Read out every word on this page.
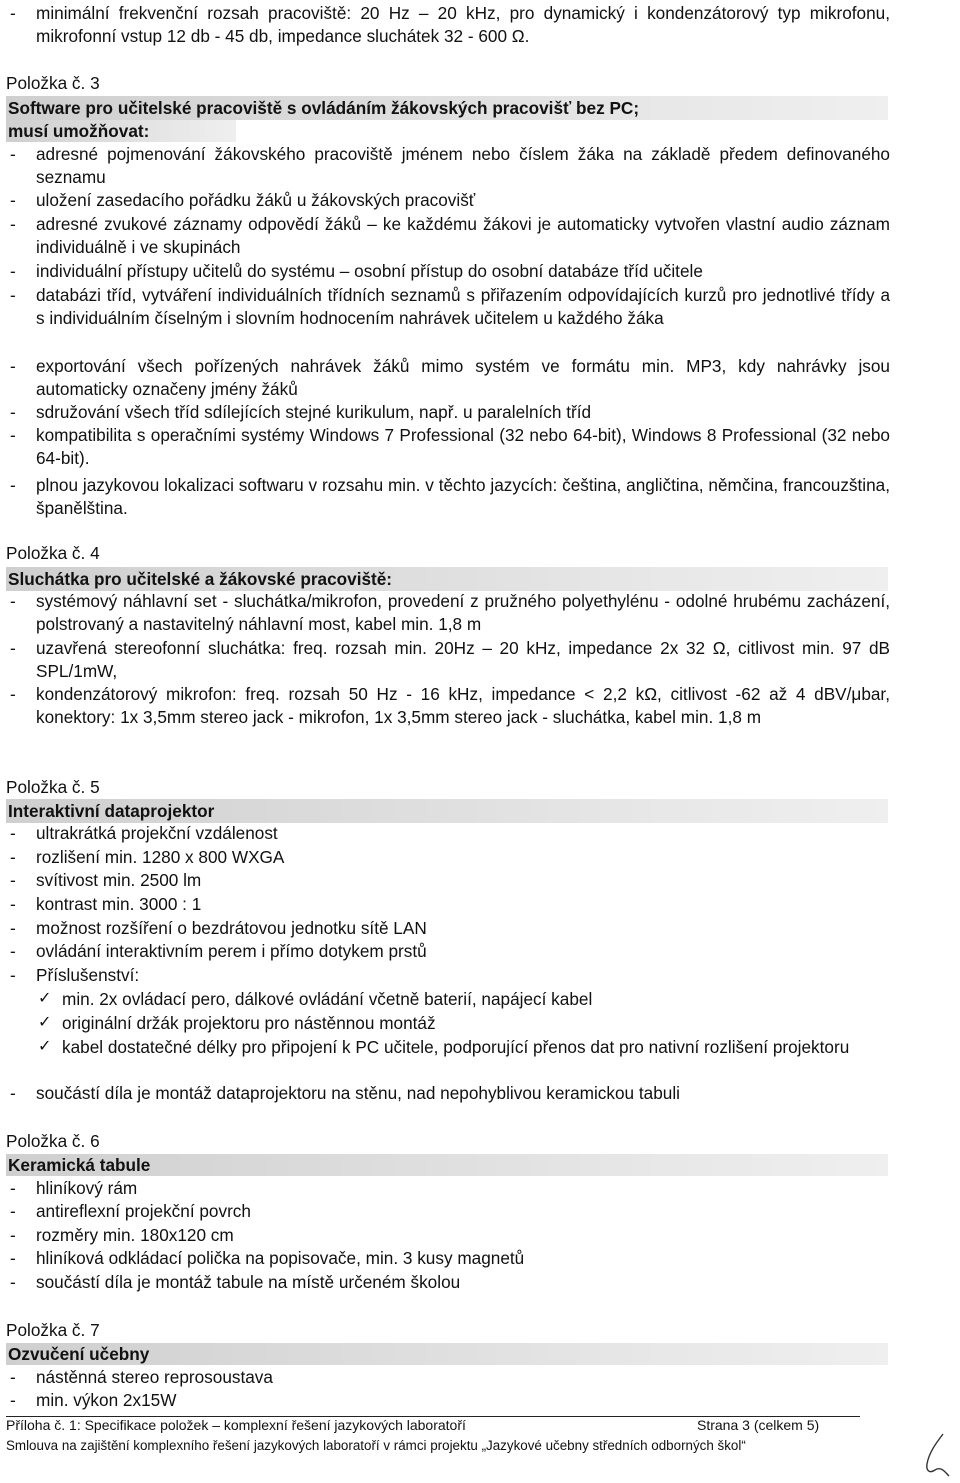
-	minimální frekvenční rozsah pracoviště: 20 Hz – 20 kHz, pro dynamický i kondenzátorový typ mikrofonu, mikrofonní vstup 12 db - 45 db, impedance sluchátek 32 - 600 Ω.
Položka č. 3
Software pro učitelské pracoviště s ovládáním žákovských pracovišť bez PC;
musí umožňovat:
-	adresné pojmenování žákovského pracoviště jménem nebo číslem žáka na základě předem definovaného seznamu
-	uložení zasedacího pořádku žáků u žákovských pracovišť
-	adresné zvukové záznamy odpovědí žáků – ke každému žákovi je automaticky vytvořen vlastní audio záznam individuálně i ve skupinách
-	individuální přístupy učitelů do systému – osobní přístup do osobní databáze tříd učitele
-	databázi tříd, vytváření individuálních třídních seznamů s přiřazením odpovídajících kurzů pro jednotlivé třídy a s individuálním číselným i slovním hodnocením nahrávek učitelem u každého žáka
-	exportování všech pořízených nahrávek žáků mimo systém ve formátu min. MP3, kdy nahrávky jsou automaticky označeny jmény žáků
-	sdružování všech tříd sdílejících stejné kurikulum, např. u paralelních tříd
-	kompatibilita s operačními systémy Windows 7 Professional (32 nebo 64-bit), Windows 8 Professional (32 nebo 64-bit).
-	plnou jazykovou lokalizaci softwaru v rozsahu min. v těchto jazycích: čeština, angličtina, němčina, francouzština, španělština.
Položka č. 4
Sluchátka pro učitelské a žákovské pracoviště:
-	systémový náhlavní set - sluchátka/mikrofon, provedení z pružného polyethylénu - odolné hrubému zacházení, polstrovaný a nastavitelný náhlavní most, kabel min. 1,8 m
-	uzavřená stereofonní sluchátka: freq. rozsah min. 20Hz – 20 kHz, impedance 2x 32 Ω, citlivost min. 97 dB SPL/1mW,
-	kondenzátorový mikrofon: freq. rozsah 50 Hz - 16 kHz, impedance < 2,2 kΩ, citlivost -62 až 4 dBV/μbar, konektory: 1x 3,5mm stereo jack - mikrofon, 1x 3,5mm stereo jack - sluchátka, kabel min. 1,8 m
Položka č. 5
Interaktivní dataprojektor
-	ultrakrátká projekční vzdálenost
-	rozlišení min. 1280 x 800 WXGA
-	svítivost min. 2500 lm
-	kontrast min. 3000 : 1
-	možnost rozšíření o bezdrátovou jednotku sítě LAN
-	ovládání interaktivním perem i přímo dotykem prstů
-	Příslušenství:
✓ min. 2x ovládací pero, dálkové ovládání včetně baterií, napájecí kabel
✓ originální držák projektoru pro nástěnnou montáž
✓ kabel dostatečné délky pro připojení k PC učitele, podporující přenos dat pro nativní rozlišení projektoru
-	součástí díla je montáž dataprojektoru na stěnu, nad nepohyblivou keramickou tabuli
Položka č. 6
Keramická tabule
-	hliníkový rám
-	antireflexní projekční povrch
-	rozměry min. 180x120 cm
-	hliníková odkládací polička na popisovače, min. 3 kusy magnetů
-	součástí díla je montáž tabule na místě určeném školou
Položka č. 7
Ozvučení učebny
-	nástěnná stereo reprosoustava
-	min. výkon 2x15W
Příloha č. 1: Specifikace položek – komplexní řešení jazykových laboratoří	Strana 3 (celkem 5)
Smlouva na zajištění komplexního řešení jazykových laboratoří v rámci projektu „Jazykové učebny středních odborných škol“
